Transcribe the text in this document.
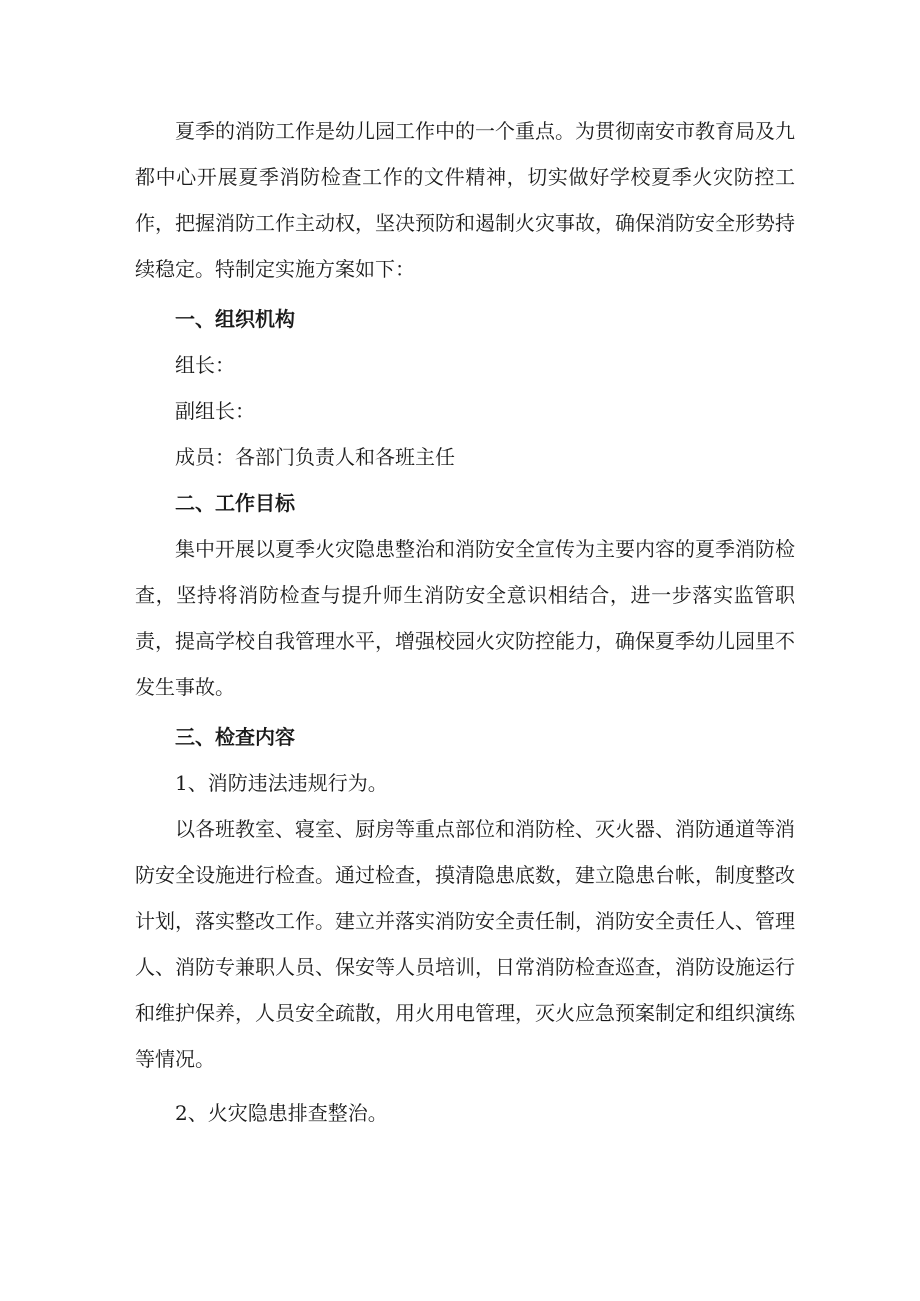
夏季的消防工作是幼儿园工作中的一个重点。为贯彻南安市教育局及九都中心开展夏季消防检查工作的文件精神，切实做好学校夏季火灾防控工作，把握消防工作主动权，坚决预防和遏制火灾事故，确保消防安全形势持续稳定。特制定实施方案如下：

一、组织机构

组长：

副组长：

成员：各部门负责人和各班主任

二、工作目标

集中开展以夏季火灾隐患整治和消防安全宣传为主要内容的夏季消防检查，坚持将消防检查与提升师生消防安全意识相结合，进一步落实监管职责，提高学校自我管理水平，增强校园火灾防控能力，确保夏季幼儿园里不发生事故。

三、检查内容

1、消防违法违规行为。

以各班教室、寝室、厨房等重点部位和消防栓、灭火器、消防通道等消防安全设施进行检查。通过检查，摸清隐患底数，建立隐患台帐，制度整改计划，落实整改工作。建立并落实消防安全责任制，消防安全责任人、管理人、消防专兼职人员、保安等人员培训，日常消防检查巡查，消防设施运行和维护保养，人员安全疏散，用火用电管理，灭火应急预案制定和组织演练等情况。

2、火灾隐患排查整治。
